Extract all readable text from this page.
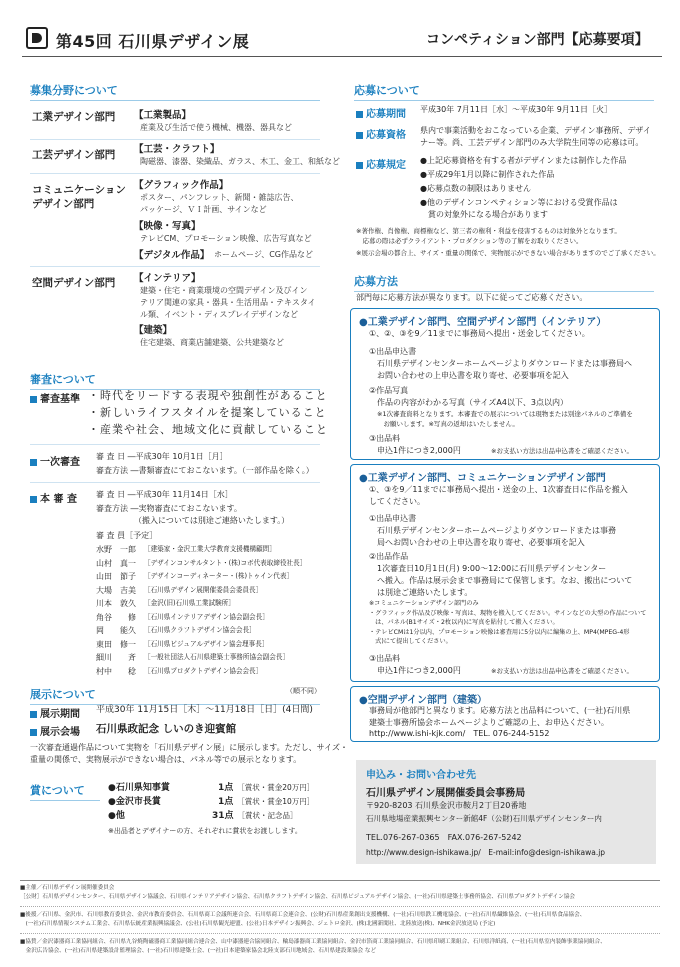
第45回 石川県デザイン展	コンペティション部門【応募要項】
募集分野について
工業デザイン部門 【工業製品】
産業及び生活で使う機械、機器、器具など
工芸デザイン部門 【工芸・クラフト】
陶磁器、漆器、染織品、ガラス、木工、金工、和紙など
コミュニケーション
デザイン部門
【グラフィック作品】
ポスター、パンフレット、新聞・雑誌広告、
パッケージ、ＶＩ計画、サインなど
【映像・写真】
テレビCM、プロモーション映像、広告写真など
【デジタル作品】 ホームページ、CG作品など
空間デザイン部門 【インテリア】
建築・住宅・商業環境の空間デザイン及びイン
テリア関連の家具・器具・生活用品・テキスタイ
ル類、イベント・ディスプレイデザインなど
【建築】
住宅建築、商業店舗建築、公共建築など
審査について
審査基準 ・時代をリードする表現や独創性があること
・新しいライフスタイルを提案していること
・産業や社会、地域文化に貢献していること
一次審査
審 査 日 ―平成30年 10月1日［月］
審査方法 ―書類審査にておこないます。（一部作品を除く。）
本 審 査 審 査 日 ―平成30年 11月14日［水］
審査方法 ―実物審査にておこないます。
（搬入については別途ご連絡いたします。）
審 査 員［予定］
水野　一郎	［建築家・金沢工業大学教育支援機構顧問］
山村　真一	［デザインコンサルタント・(株)コボ代表取締役社長］
山田　節子	［デザインコーディネーター・(株)トゥイン代表］
大場　吉美	［石川県デザイン展開催委員会委員長］
川本　敦久	［金沢(旧)石川県工業試験所］
角谷　　修	［石川県インテリアデザイン協会副会長］
岡　　能久	［石川県クラフトデザイン協会会長］
東田　修一	［石川県ビジュアルデザイン協会理事長］
細川　　斉	［一般社団法人石川県建築士事務所協会副会長］
村中　　稔	［石川県プロダクトデザイン協会会長］
（順不同）
展示について
展示期間 平成30年 11月15日［木］～11月18日［日］(4日間)
展示会場 石川県政記念 しいのき迎賓館
一次審査通過作品について実物を「石川県デザイン展」に展示します。ただし、サイズ・
重量の関係で、実物展示ができない場合は、パネル等での展示となります。
賞について	●石川県知事賞	1点 ［賞状・賞金20万円］
●金沢市長賞	1点 ［賞状・賞金10万円］
●他	31点 ［賞状・記念品］
※出品者とデザイナーの方、それぞれに賞状をお渡しします。
応募について
応募期間 平成30年 7月11日［水］～平成30年 9月11日［火］
応募資格 県内で事業活動をおこなっている企業、デザイン事務所、デザイ
ナー等。尚、工芸デザイン部門のみ大学院生同等の応募は可。
応募規定 ●上記応募資格を有する者がデザインまたは制作した作品
●平成29年1月以降に制作された作品
●応募点数の制限はありません
●他のデザインコンペティション等における受賞作品は
　賞の対象外になる場合があります
※著作権、肖像権、商標権など、第三者の権利・利益を侵害するものは対象外となります。
　応募の際は必ずクライアント・プロダクション等の了解をお取りください。
※展示会場の都合上、サイズ・重量の関係で、実物展示ができない場合がありますのでご了承ください。
応募方法
部門毎に応募方法が異なります。以下に従ってご応募ください。
●工業デザイン部門、空間デザイン部門（インテリア）
①、②、③を9／11までに事務局へ提出・送金してください。
①出品申込書
石川県デザインセンターホームページよりダウンロードまたは事務局へ
お問い合わせの上申込書を取り寄せ、必要事項を記入
②作品写真
作品の内容がわかる写真（サイズA4以下、3点以内）
※1次審査資料となります。本審査での展示については現物または別途パネルのご準備を
　お願いします。※写真の返却はいたしません。
③出品料
申込1件につき2,000円	※お支払い方法は出品申込書をご確認ください。
●工業デザイン部門、コミュニケーションデザイン部門
①、③を9／11までに事務局へ提出・送金の上、1次審査日に作品を搬入
してください。
①出品申込書
石川県デザインセンターホームページよりダウンロードまたは事務
局へお問い合わせの上申込書を取り寄せ、必要事項を記入
②出品作品
1次審査日10月1日(月) 9:00～12:00に石川県デザインセンター
へ搬入。作品は展示会まで事務局にて保管します。なお、搬出について
は別途ご連絡いたします。
※コミュニケーションデザイン部門のみ
・グラフィック作品及び映像・写真は、現物を搬入してください。サインなどの大型の作品について
　は、パネル(B1サイズ・2枚以内)に写真を貼付して搬入ください。
・テレビCMは1分以内、プロモーション映像は審査用に5分以内に編集の上、MP4(MPEG-4形
　式)にて提出してください。
③出品料
申込1件につき2,000円	※お支払い方法は出品申込書をご確認ください。
●空間デザイン部門（建築）
事務局が他部門と異なります。応募方法と出品料について、(一社)石川県
建築士事務所協会ホームページよりご確認の上、お申込ください。
http://www.ishi-kjk.com/　TEL. 076-244-5152
申込み・お問い合わせ先
石川県デザイン展開催委員会事務局
〒920-8203 石川県金沢市鞍月2丁目20番地
石川県地場産業振興センター新館4F（公財)石川県デザインセンター内
TEL.076-267-0365　FAX.076-267-5242
http://www.design-ishikawa.jp/　E-mail:info@design-ishikawa.jp
■主催／石川県デザイン展開催委員会
［公財］石川県デザインセンター、石川県デザイン協議会、石川県インテリアデザイン協会、石川県クラフトデザイン協会、石川県ビジュアルデザイン協会、(一社)石川県建築士事務所協会、石川県プロダクトデザイン協会
■後援／石川県、金沢市、石川県教育委員会、金沢市教育委員会、石川県商工会議所連合会、石川県商工会連合会、(公財)石川県産業創出支援機構、(一社)石川県鉄工機電協会、(一社)石川県繊維協会、(一社)石川県食品協会、
　(一社)石川県情報システム工業会、石川県伝統産業振興協議会、(公社)石川県観光連盟、(公社)日本デザイン振興会、ジェトロ金沢、(株)北國新聞社、北陸放送(株)、NHK金沢放送局 (予定)
■協賛／金沢漆器商工業協同組合、石川県九谷焼陶磁器商工業協同組合連合会、山中漆器連合協同組合、輪島漆器商工業協同組合、金沢市箔商工業協同組合、石川県印刷工業組合、石川県洋紙商、(一社)石川県室内装飾事業協同組合、
　金沢広告協会、(一社)石川県建築設計監理協会、(一社)石川県建築士会、(一社)日本建築家協会北陸支部石川地域会、石川県建設業協会 など
